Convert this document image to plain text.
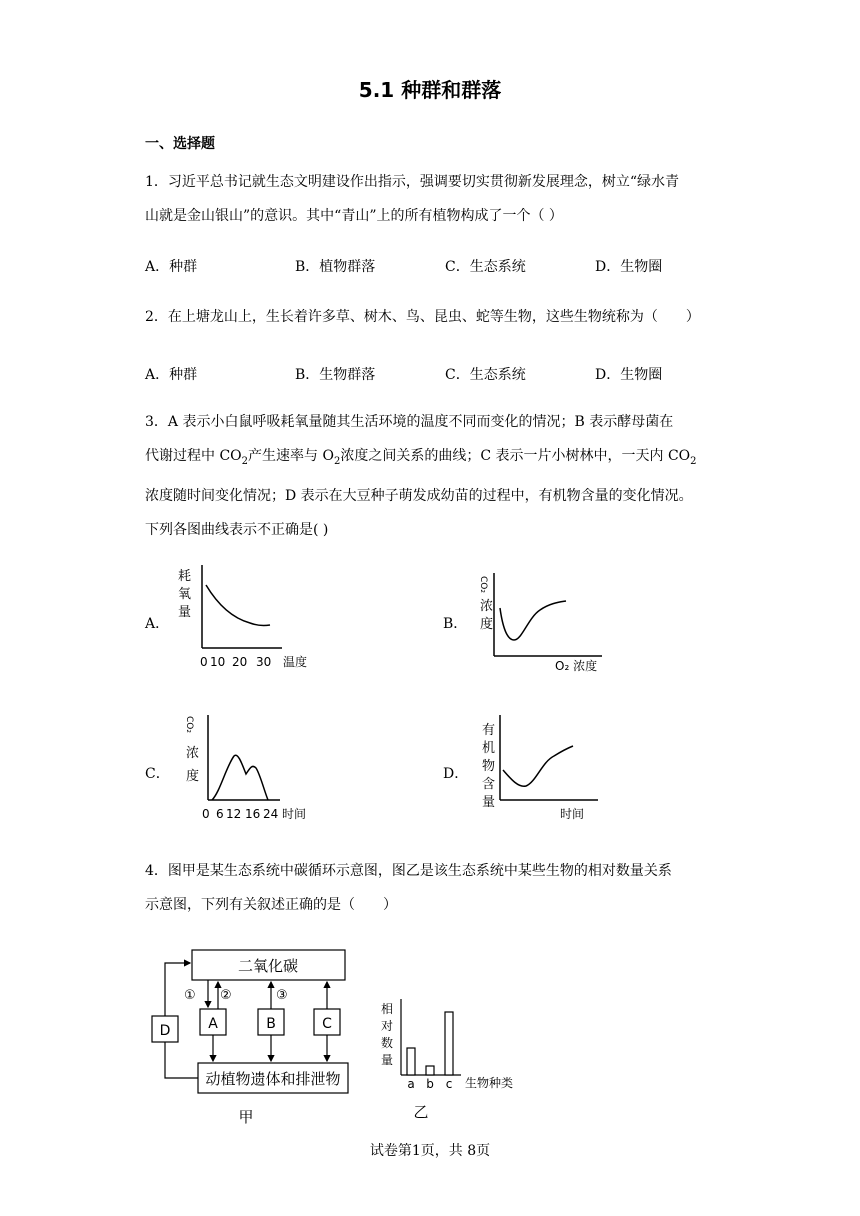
5.1 种群和群落
一、选择题
1．习近平总书记就生态文明建设作出指示，强调要切实贯彻新发展理念，树立“绿水青
山就是金山银山”的意识。其中“青山”上的所有植物构成了一个（ ）
A．种群	B．植物群落	C．生态系统	D．生物圈
2．在上塘龙山上，生长着许多草、树木、鸟、昆虫、蛇等生物，这些生物统称为（　　）
A．种群	B．生物群落	C．生态系统	D．生物圈
3．A 表示小白鼠呼吸耗氧量随其生活环境的温度不同而变化的情况；B 表示酵母菌在
代谢过程中 $CO_2$产生速率与 $O_2$浓度之间关系的曲线；C 表示一片小树林中，一天内 $CO_2$
浓度随时间变化情况；D 表示在大豆种子萌发成幼苗的过程中，有机物含量的变化情况。
下列各图曲线表示不正确是( )
A．	B．
C．	D．
耗
氧
量
0 10 20 30 温度
CO₂
浓
度
O₂ 浓度
CO₂
浓
度
0 6 12 16 24 时间
有
机
物
含
量
时间
4．图甲是某生态系统中碳循环示意图，图乙是该生态系统中某些生物的相对数量关系
示意图，下列有关叙述正确的是（　　）
二氧化碳
动植物遗体和排泄物
A	B	C
D
① ②	③
甲
相
对
数
量
a b c 生物种类
乙
试卷第1页，共 8页
